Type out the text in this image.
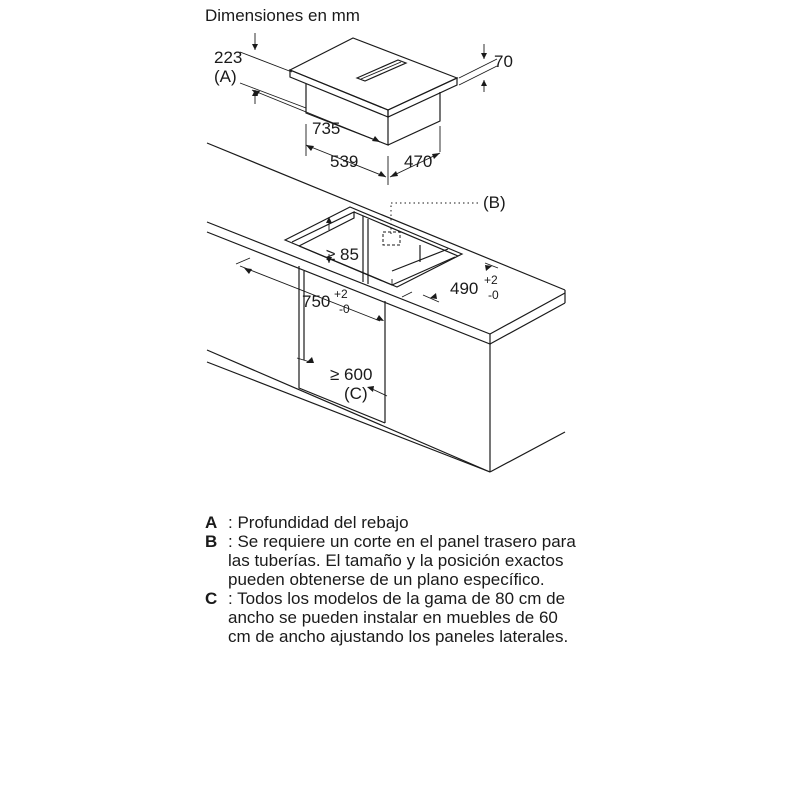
Dimensiones en mm
223
(A)
70
735
539	470
(B)
≥ 85
750 +2
-0
490 +2
-0
≥ 600
(C)
A : Profundidad del rebajo
B : Se requiere un corte en el panel trasero para las tuberías. El tamaño y la posición exactos pueden obtenerse de un plano específico.
C : Todos los modelos de la gama de 80 cm de ancho se pueden instalar en muebles de 60 cm de ancho ajustando los paneles laterales.
